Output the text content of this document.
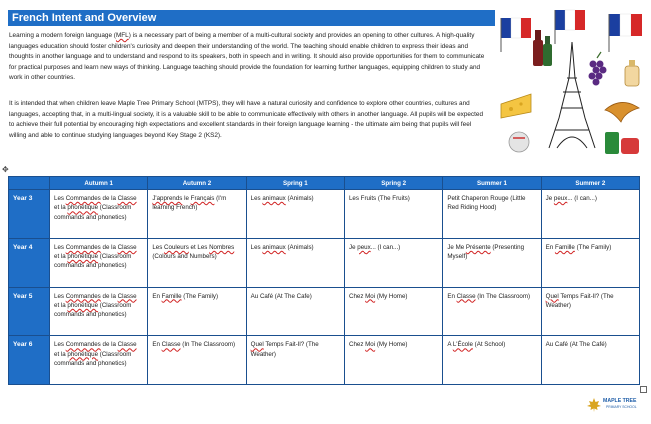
French Intent and Overview
Learning a modern foreign language (MFL) is a necessary part of being a member of a multi-cultural society and provides an opening to other cultures. A high-quality languages education should foster children's curiosity and deepen their understanding of the world. The teaching should enable children to express their ideas and thoughts in another language and to understand and respond to its speakers, both in speech and in writing. It should also provide opportunities for them to communicate for practical purposes and learn new ways of thinking. Language teaching should provide the foundation for learning further languages, equipping children to study and work in other countries.
It is intended that when children leave Maple Tree Primary School (MTPS), they will have a natural curiosity and confidence to explore other countries, cultures and languages, accepting that, in a multi-lingual society, it is a valuable skill to be able to communicate effectively with others in another language. All pupils will be expected to achieve their full potential by encouraging high expectations and excellent standards in their foreign language learning - the ultimate aim being that pupils will feel willing and able to continue studying languages beyond Key Stage 2 (KS2).
✥
	Autumn 1	Autumn 2	Spring 1	Spring 2	Summer 1	Summer 2
Year 3	Les Commandes de la Classe et la phonétique (Classroom commands and phonetics)	J'apprends le Français (I'm learning French)	Les animaux (Animals)	Les Fruits (The Fruits)	Petit Chaperon Rouge (Little Red Riding Hood)	Je peux... (I can...)
Year 4	Les Commandes de la Classe et la phonétique (Classroom commands and phonetics)	Les Couleurs et Les Nombres (Colours and Numbers)	Les animaux (Animals)	Je peux... (I can...)	Je Me Présente (Presenting Myself)	En Famille (The Family)
Year 5	Les Commandes de la Classe et la phonétique (Classroom commands and phonetics)	En Famille (The Family)	Au Café (At The Cafe)	Chez Moi (My Home)	En Classe (In The Classroom)	Quel Temps Fait-Il? (The Weather)
Year 6	Les Commandes de la Classe et la phonétique (Classroom commands and phonetics)	En Classe (In The Classroom)	Quel Temps Fait-Il? (The Weather)	Chez Moi (My Home)	A L'École (At School)	Au Café (At The Café)
MAPLE TREE
PRIMARY SCHOOL
